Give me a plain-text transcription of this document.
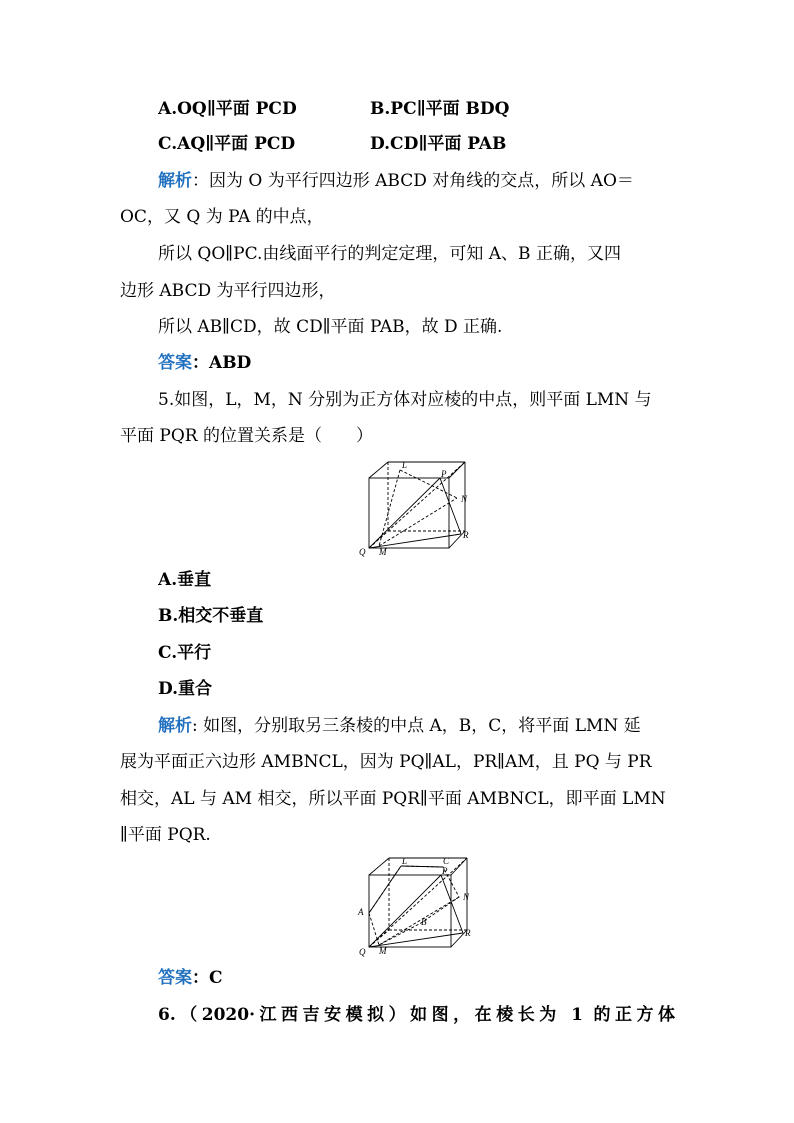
A.OQ∥平面 PCD	B.PC∥平面 BDQ
C.AQ∥平面 PCD	D.CD∥平面 PAB
解析：因为 O 为平行四边形 ABCD 对角线的交点，所以 AO＝
OC，又 Q 为 PA 的中点，
所以 QO∥PC.由线面平行的判定定理，可知 A、B 正确，又四
边形 ABCD 为平行四边形，
所以 AB∥CD，故 CD∥平面 PAB，故 D 正确.
答案：ABD
5.如图，L，M，N 分别为正方体对应棱的中点，则平面 LMN 与
平面 PQR 的位置关系是（　　）
L
P
N
R
Q M
A.垂直
B.相交不垂直
C.平行
D.重合
解析: 如图，分别取另三条棱的中点 A，B，C，将平面 LMN 延
展为平面正六边形 AMBNCL，因为 PQ∥AL，PR∥AM，且 PQ 与 PR
相交，AL 与 AM 相交，所以平面 PQR∥平面 AMBNCL，即平面 LMN
∥平面 PQR.
L	C
P
N
A
B
R
Q M
答案：C
6.（2020·江西吉安模拟）如图，在棱长为 1 的正方体
